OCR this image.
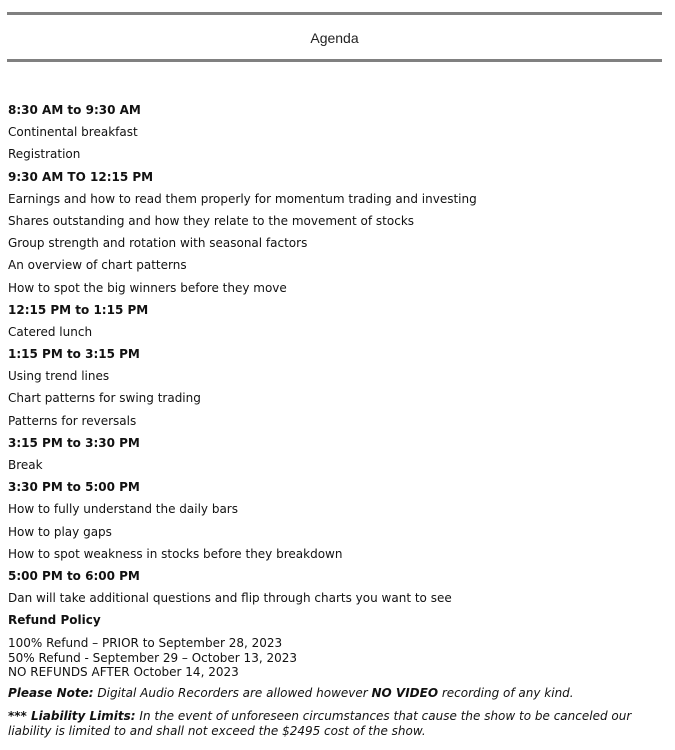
Agenda
8:30 AM to 9:30 AM
Continental breakfast
Registration
9:30 AM TO 12:15 PM
Earnings and how to read them properly for momentum trading and investing
Shares outstanding and how they relate to the movement of stocks
Group strength and rotation with seasonal factors
An overview of chart patterns
How to spot the big winners before they move
12:15 PM to 1:15 PM
Catered lunch
1:15 PM to 3:15 PM
Using trend lines
Chart patterns for swing trading
Patterns for reversals
3:15 PM to 3:30 PM
Break
3:30 PM to 5:00 PM
How to fully understand the daily bars
How to play gaps
How to spot weakness in stocks before they breakdown
5:00 PM to 6:00 PM
Dan will take additional questions and flip through charts you want to see
Refund Policy
100% Refund – PRIOR to September 28, 2023
50% Refund - September 29 – October 13, 2023
NO REFUNDS AFTER October 14, 2023
Please Note: Digital Audio Recorders are allowed however NO VIDEO recording of any kind.
*** Liability Limits: In the event of unforeseen circumstances that cause the show to be canceled our liability is limited to and shall not exceed the $2495 cost of the show.
